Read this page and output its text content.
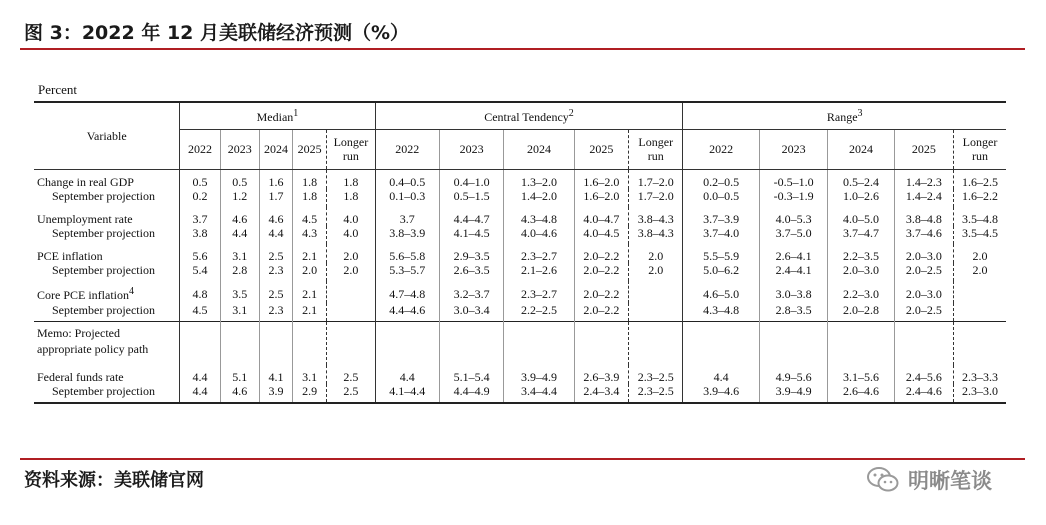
图 3：2022 年 12 月美联储经济预测（%）
Percent
Variable	Median$^1$					Central Tendency$^2$					Range$^3$
	2022	2023	2024	2025	Longer run	2022	2023	2024	2025	Longer run	2022	2023	2024	2025	Longer run
Change in real GDP	0.5	0.5	1.6	1.8	1.8	0.4–0.5	0.4–1.0	1.3–2.0	1.6–2.0	1.7–2.0	0.2–0.5	-0.5–1.0	0.5–2.4	1.4–2.3	1.6–2.5
September projection	0.2	1.2	1.7	1.8	1.8	0.1–0.3	0.5–1.5	1.4–2.0	1.6–2.0	1.7–2.0	0.0–0.5	-0.3–1.9	1.0–2.6	1.4–2.4	1.6–2.2
Unemployment rate	3.7	4.6	4.6	4.5	4.0	3.7	4.4–4.7	4.3–4.8	4.0–4.7	3.8–4.3	3.7–3.9	4.0–5.3	4.0–5.0	3.8–4.8	3.5–4.8
September projection	3.8	4.4	4.4	4.3	4.0	3.8–3.9	4.1–4.5	4.0–4.6	4.0–4.5	3.8–4.3	3.7–4.0	3.7–5.0	3.7–4.7	3.7–4.6	3.5–4.5
PCE inflation	5.6	3.1	2.5	2.1	2.0	5.6–5.8	2.9–3.5	2.3–2.7	2.0–2.2	2.0	5.5–5.9	2.6–4.1	2.2–3.5	2.0–3.0	2.0
September projection	5.4	2.8	2.3	2.0	2.0	5.3–5.7	2.6–3.5	2.1–2.6	2.0–2.2	2.0	5.0–6.2	2.4–4.1	2.0–3.0	2.0–2.5	2.0
Core PCE inflation$^4$	4.8	3.5	2.5	2.1		4.7–4.8	3.2–3.7	2.3–2.7	2.0–2.2		4.6–5.0	3.0–3.8	2.2–3.0	2.0–3.0	
September projection	4.5	3.1	2.3	2.1		4.4–4.6	3.0–3.4	2.2–2.5	2.0–2.2		4.3–4.8	2.8–3.5	2.0–2.8	2.0–2.5	

Memo: Projected
appropriate policy path															

Federal funds rate	4.4	5.1	4.1	3.1	2.5	4.4	5.1–5.4	3.9–4.9	2.6–3.9	2.3–2.5	4.4	4.9–5.6	3.1–5.6	2.4–5.6	2.3–3.3
September projection	4.4	4.6	3.9	2.9	2.5	4.1–4.4	4.4–4.9	3.4–4.4	2.4–3.4	2.3–2.5	3.9–4.6	3.9–4.9	2.6–4.6	2.4–4.6	2.3–3.0
资料来源：美联储官网	明晰笔谈
